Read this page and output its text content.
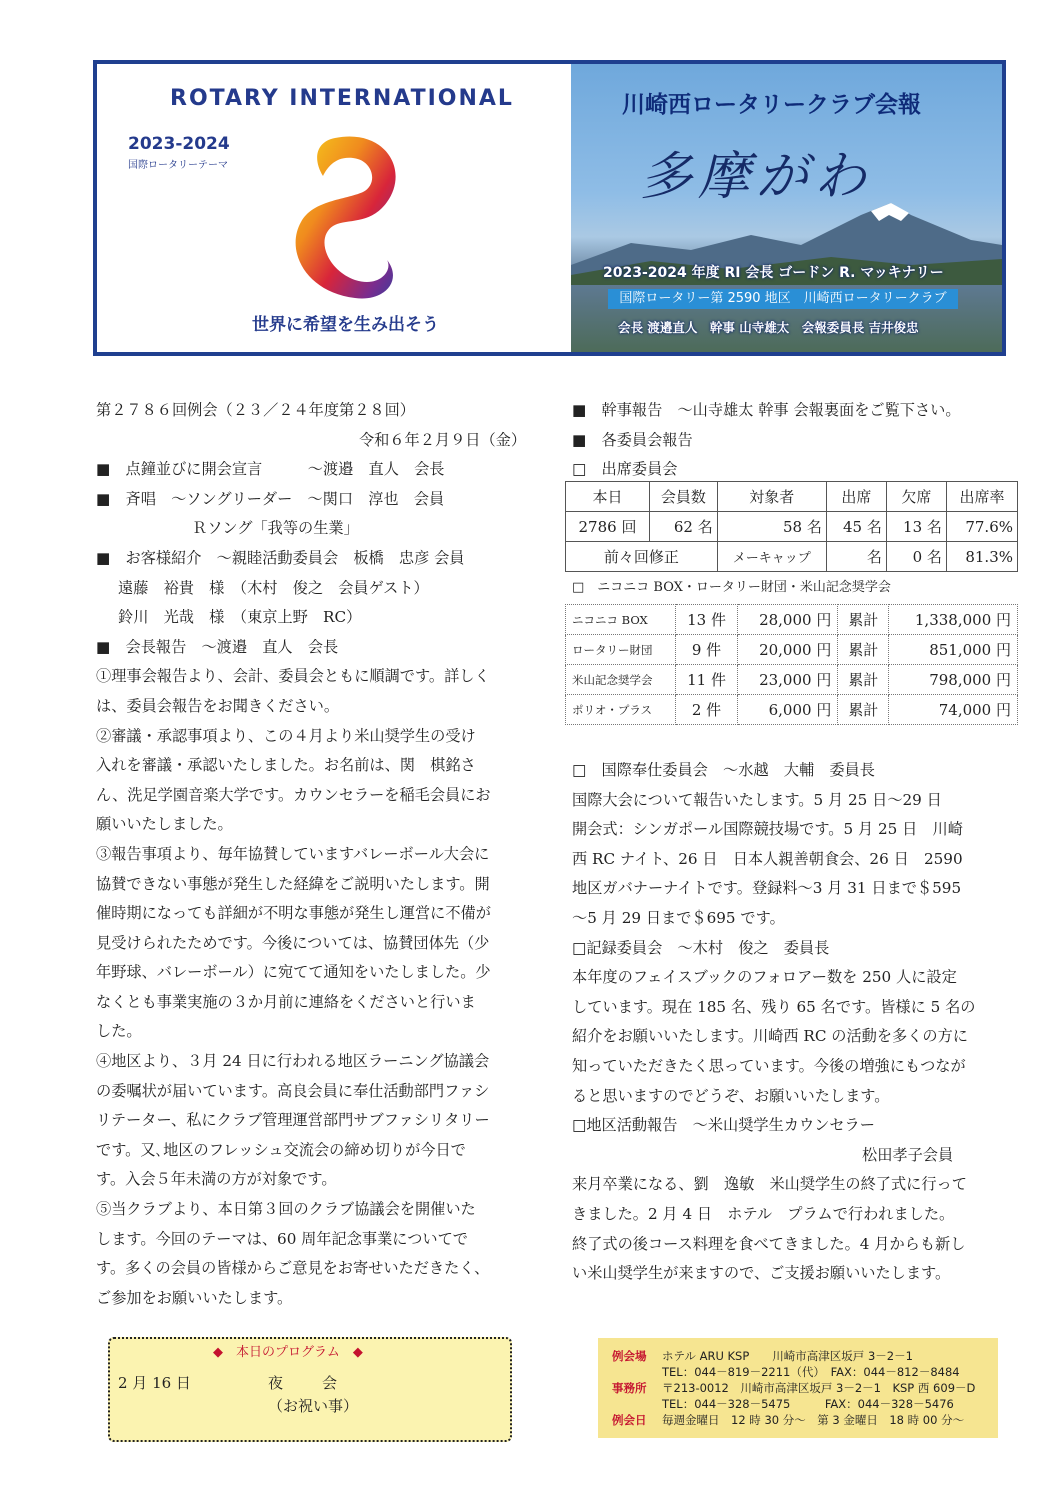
ROTARY INTERNATIONAL
2023-2024
国際ロータリーテーマ
世界に希望を生み出そう
川崎西ロータリークラブ会報
多摩がわ
2023-2024 年度 RI 会長 ゴードン R. マッキナリー
国際ロータリー第 2590 地区　川崎西ロータリークラブ
会長 渡邉直人　幹事 山寺雄太　会報委員長 吉井俊忠
第２７８６回例会（２３／２４年度第２８回）
令和６年２月９日（金）
■　点鐘並びに開会宣言　　　～渡邉　直人　会長
■　斉唱　～ソングリーダー　～関口　淳也　会員
Ｒソング「我等の生業」
■　お客様紹介　～親睦活動委員会　板橋　忠彦 会員
遠藤　裕貴　様　（木村　俊之　会員ゲスト）
鈴川　光哉　様　（東京上野　RC）
■　会長報告　～渡邉　直人　会長
①理事会報告より、会計、委員会ともに順調です。詳しく
は、委員会報告をお聞きください。
②審議・承認事項より、この４月より米山奨学生の受け
入れを審議・承認いたしました。お名前は、関　棋銘さ
ん、洗足学園音楽大学です。カウンセラーを稲毛会員にお
願いいたしました。
③報告事項より、毎年協賛していますバレーボール大会に
協賛できない事態が発生した経緯をご説明いたします。開
催時期になっても詳細が不明な事態が発生し運営に不備が
見受けられたためです。今後については、協賛団体先（少
年野球、バレーボール）に宛てて通知をいたしました。少
なくとも事業実施の３か月前に連絡をくださいと行いま
した。
④地区より、３月 24 日に行われる地区ラーニング協議会
の委嘱状が届いています。高良会員に奉仕活動部門ファシ
リテーター、私にクラブ管理運営部門サブファシリタリー
です。又､地区のフレッシュ交流会の締め切りが今日で
す。入会５年未満の方が対象です。
⑤当クラブより、本日第３回のクラブ協議会を開催いた
します。今回のテーマは、60 周年記念事業についてで
す。多くの会員の皆様からご意見をお寄せいただきたく、
ご参加をお願いいたします。
■　幹事報告　～山寺雄太 幹事 会報裏面をご覧下さい。
■　各委員会報告
□　出席委員会
本日	会員数	対象者	出席	欠席	出席率
2786 回	62 名	58 名	45 名	13 名	77.6%
前々回修正		メーキャップ	名	0 名	81.3%
□　ニコニコ BOX・ロータリー財団・米山記念奨学会
ニコニコ BOX	13 件	28,000 円	累計	1,338,000 円
ロータリー財団	9 件	20,000 円	累計	851,000 円
米山記念奨学会	11 件	23,000 円	累計	798,000 円
ポリオ・プラス	2 件	6,000 円	累計	74,000 円
□　国際奉仕委員会　～水越　大輔　委員長
国際大会について報告いたします。5 月 25 日～29 日
開会式：シンガポール国際競技場です。5 月 25 日　川崎
西 RC ナイト、26 日　日本人親善朝食会、26 日　2590
地区ガバナーナイトです。登録料～3 月 31 日まで＄595
～5 月 29 日まで＄695 です。
□記録委員会　～木村　俊之　委員長
本年度のフェイスブックのフォロアー数を 250 人に設定
しています。現在 185 名、残り 65 名です。皆様に 5 名の
紹介をお願いいたします。川崎西 RC の活動を多くの方に
知っていただきたく思っています。今後の増強にもつなが
ると思いますのでどうぞ、お願いいたします。
□地区活動報告　～米山奨学生カウンセラー
松田孝子会員
来月卒業になる、劉　逸敏　米山奨学生の終了式に行って
きました。2 月 4 日　ホテル　プラムで行われました。
終了式の後コース料理を食べてきました。4 月からも新し
い米山奨学生が来ますので、ご支援お願いいたします。
◆　本日のプログラム　◆
2 月 16 日	夜　会
（お祝い事）
例会場 ホテル ARU KSP　　川崎市高津区坂戸 3－2－1
TEL：044－819－2211（代）　FAX：044－812－8484
事務所 〒213-0012　川崎市高津区坂戸 3－2－1　KSP 西 609－D
TEL：044－328－5475　　　FAX：044－328－5476
例会日 毎週金曜日　12 時 30 分～　第 3 金曜日　18 時 00 分～
